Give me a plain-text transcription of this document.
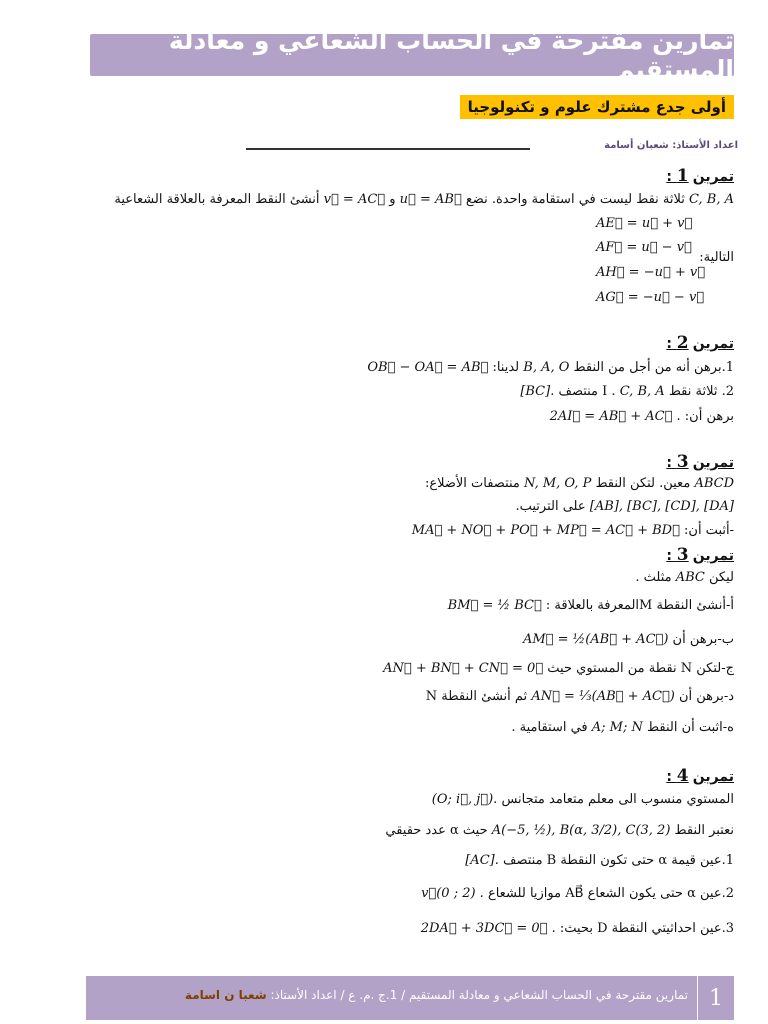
تمارين مقترحة في الحساب الشعاعي و معادلة المستقيم
أولى جدع مشترك علوم و تكنولوجيا
اعداد الأستاذ: شعبان أسامة
تمرين 1 :
C, B, A ثلاثة نقط ليست في استقامة واحدة. نضع u⃗ = AB⃗ و v⃗ = AC⃗ أنشئ النقط المعرفة بالعلاقة الشعاعية
التالية:
AE⃗ = u⃗ + v⃗
AF⃗ = u⃗ − v⃗
AH⃗ = −u⃗ + v⃗
AG⃗ = −u⃗ − v⃗
تمرين 2 :
1.برهن أنه من أجل من النقط B, A, O لدينا: OB⃗ − OA⃗ = AB⃗
2. ثلاثة نقط C, B, A . I منتصف [BC].
برهن أن: 2AI⃗ = AB⃗ + AC⃗ .
تمرين 3 :
ABCD معين. لتكن النقط N, M, O, P منتصفات الأضلاع:
[AB], [BC], [CD], [DA] على الترتيب.
-أثبت أن: MA⃗ + NO⃗ + PO⃗ + MP⃗ = AC⃗ + BD⃗
تمرين 3 :
ليكن ABC مثلث .
أ-أنشئ النقطة Mالمعرفة بالعلاقة : BM⃗ = ½ BC⃗
ب-برهن أن AM⃗ = ½(AB⃗ + AC⃗)
ج-لتكن N نقطة من المستوي حيث AN⃗ + BN⃗ + CN⃗ = 0⃗
د-برهن أن AN⃗ = ⅓(AB⃗ + AC⃗) ثم أنشئ النقطة N
ه-اثبت أن النقط A; M; N في استقامية .
تمرين 4 :
المستوي منسوب الى معلم متعامد متجانس (O; i⃗, j⃗).
نعتبر النقط A(−5, ½), B(α, 3/2), C(3, 2) حيث α عدد حقيقي
1.عين قيمة α حتى تكون النقطة B منتصف [AC].
2.عين α حتى يكون الشعاع AB⃗ موازيا للشعاع v⃗(0 ; 2) .
3.عين احداثيتي النقطة D بحيث: 2DA⃗ + 3DC⃗ = 0⃗ .
تمارين مقترحة في الحساب الشعاعي و معادلة المستقيم / 1.ج .م. ع / اعداد الأستاذ: شعبا ن اسامة	1
